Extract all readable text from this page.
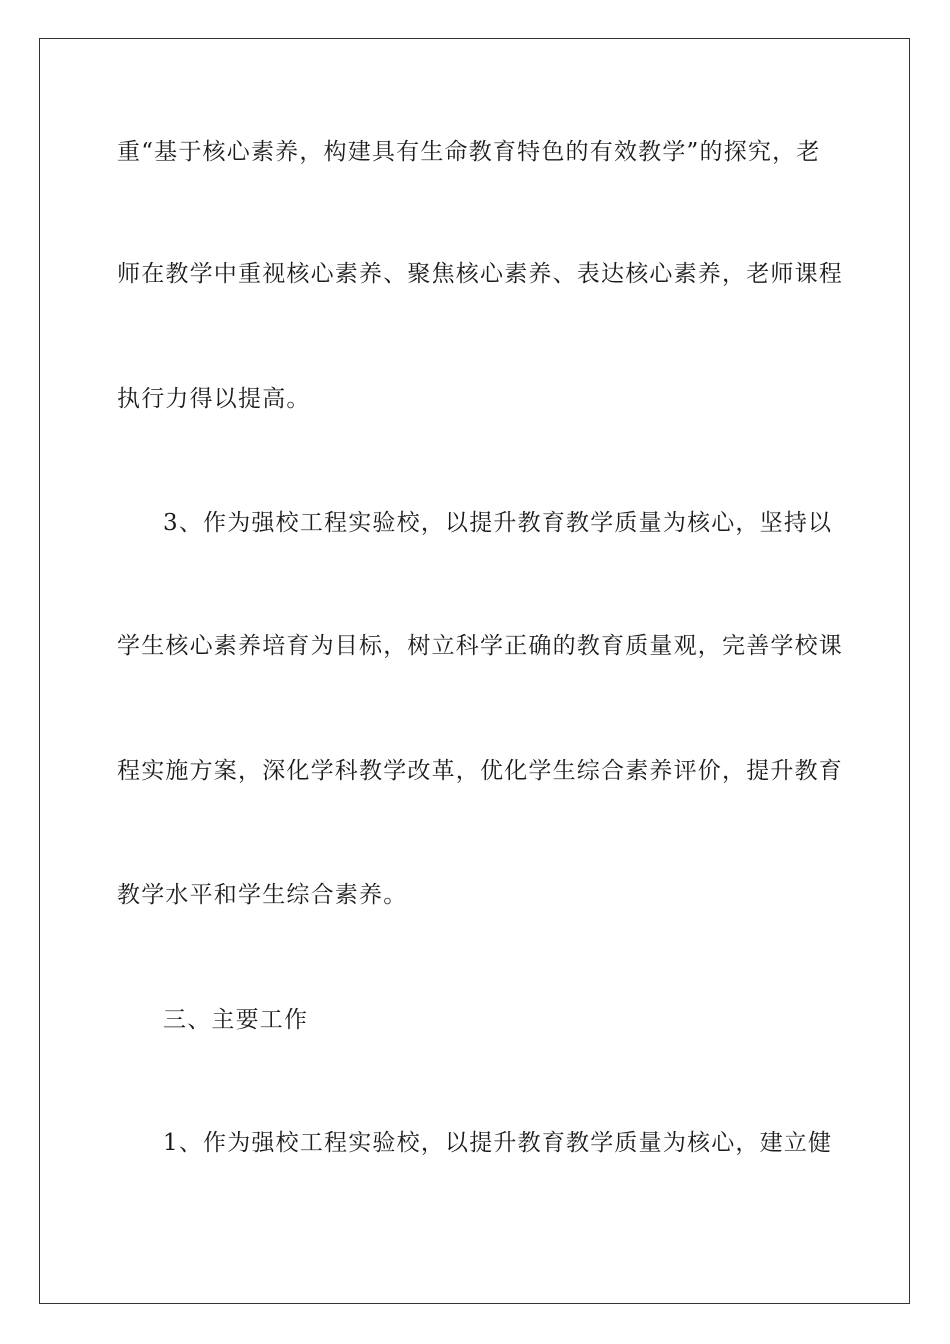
重“基于核心素养，构建具有生命教育特色的有效教学”的探究，老
师在教学中重视核心素养、聚焦核心素养、表达核心素养，老师课程
执行力得以提高。
3、作为强校工程实验校，以提升教育教学质量为核心，坚持以
学生核心素养培育为目标，树立科学正确的教育质量观，完善学校课
程实施方案，深化学科教学改革，优化学生综合素养评价，提升教育
教学水平和学生综合素养。
三、主要工作
1、作为强校工程实验校，以提升教育教学质量为核心，建立健
